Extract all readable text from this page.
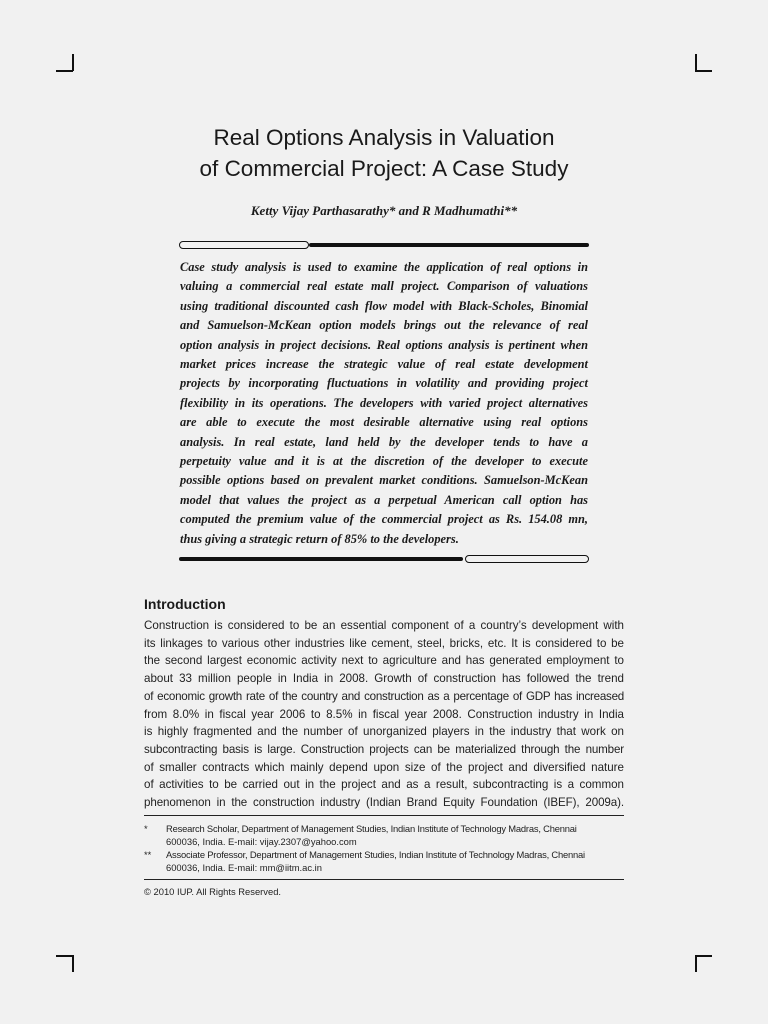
Real Options Analysis in Valuation
of Commercial Project: A Case Study
Ketty Vijay Parthasarathy* and R Madhumathi**
Case study analysis is used to examine the application of real options in
valuing a commercial real estate mall project. Comparison of valuations
using traditional discounted cash flow model with Black-Scholes, Binomial
and Samuelson-McKean option models brings out the relevance of real
option analysis in project decisions. Real options analysis is pertinent when
market prices increase the strategic value of real estate development
projects by incorporating fluctuations in volatility and providing project
flexibility in its operations. The developers with varied project alternatives
are able to execute the most desirable alternative using real options
analysis. In real estate, land held by the developer tends to have a
perpetuity value and it is at the discretion of the developer to execute
possible options based on prevalent market conditions. Samuelson-McKean
model that values the project as a perpetual American call option has
computed the premium value of the commercial project as Rs. 154.08 mn,
thus giving a strategic return of 85% to the developers.
Introduction
Construction is considered to be an essential component of a country’s development with
its linkages to various other industries like cement, steel, bricks, etc. It is considered to be
the second largest economic activity next to agriculture and has generated employment to
about 33 million people in India in 2008. Growth of construction has followed the trend
of economic growth rate of the country and construction as a percentage of GDP has increased
from 8.0% in fiscal year 2006 to 8.5% in fiscal year 2008. Construction industry in India
is highly fragmented and the number of unorganized players in the industry that work on
subcontracting basis is large. Construction projects can be materialized through the number
of smaller contracts which mainly depend upon size of the project and diversified nature
of activities to be carried out in the project and as a result, subcontracting is a common
phenomenon in the construction industry (Indian Brand Equity Foundation (IBEF), 2009a).
* Research Scholar, Department of Management Studies, Indian Institute of Technology Madras, Chennai
600036, India. E-mail: vijay.2307@yahoo.com
** Associate Professor, Department of Management Studies, Indian Institute of Technology Madras, Chennai
600036, India. E-mail: mm@iitm.ac.in
© 2010 IUP. All Rights Reserved.
